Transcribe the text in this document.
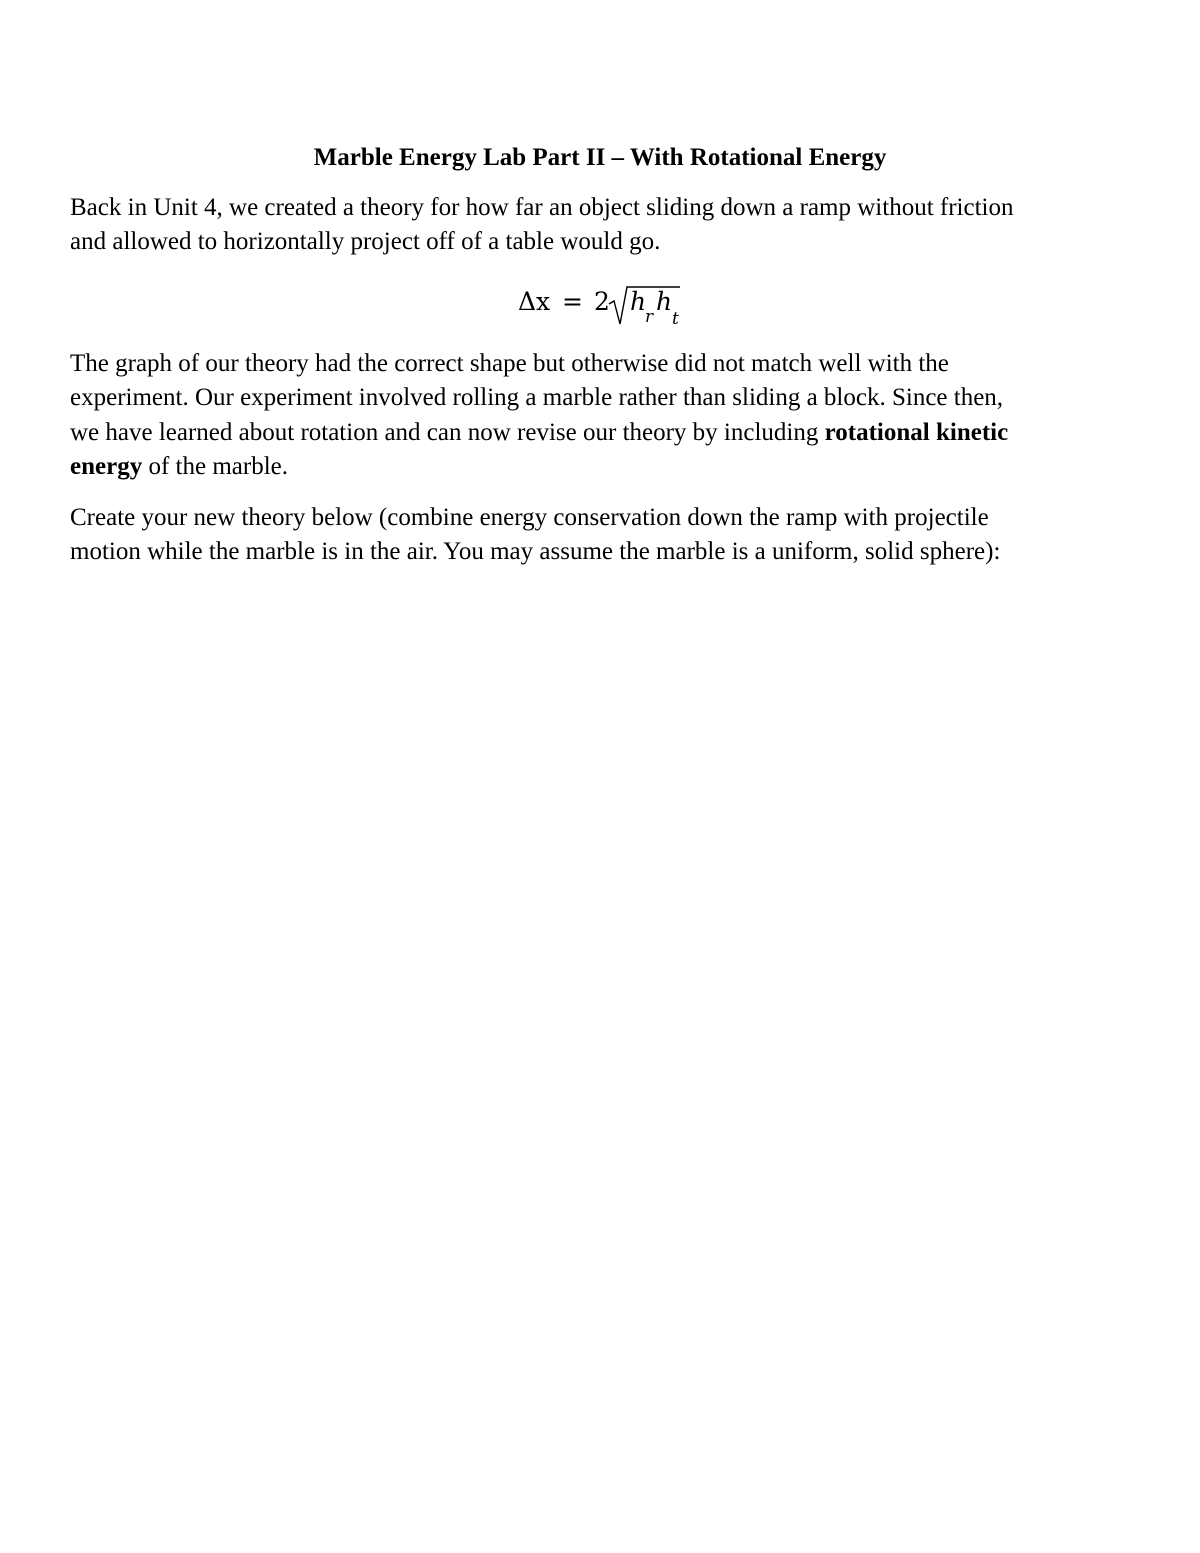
Marble Energy Lab Part II – With Rotational Energy

Back in Unit 4, we created a theory for how far an object sliding down a ramp without friction
and allowed to horizontally project off of a table would go.

Δx = 2 h
r
h
t

The graph of our theory had the correct shape but otherwise did not match well with the
experiment. Our experiment involved rolling a marble rather than sliding a block. Since then,
we have learned about rotation and can now revise our theory by including rotational kinetic
energy of the marble.

Create your new theory below (combine energy conservation down the ramp with projectile
motion while the marble is in the air. You may assume the marble is a uniform, solid sphere):
